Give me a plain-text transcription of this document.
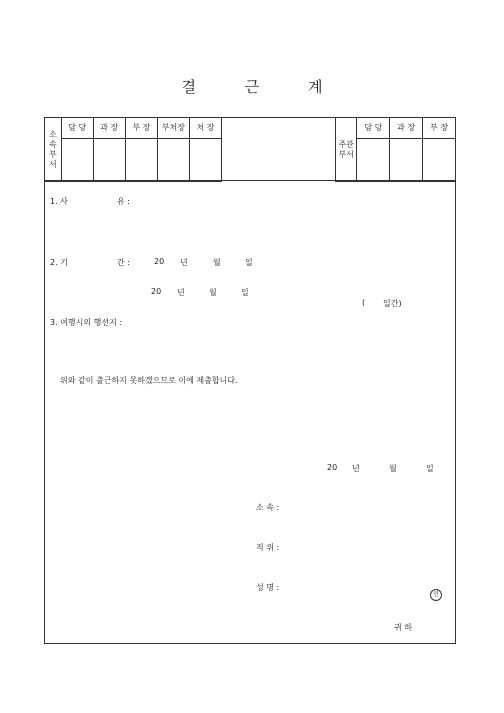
결	근	계
소
속
부
서	담 당	과 장	부 장	부처장	처 장

주관
부서	담 당	과 장	부 장

1. 사	유 :
2. 기	간 :	20 년	월	일
20 년	월	일
( 일간)
3. 여행시의 행선지 :
위와 같이 출근하지 못하겠으므로 이에 제출합니다.
20 년	월	일
소 속 :
직 위 :
성 명 :
인
귀 하
